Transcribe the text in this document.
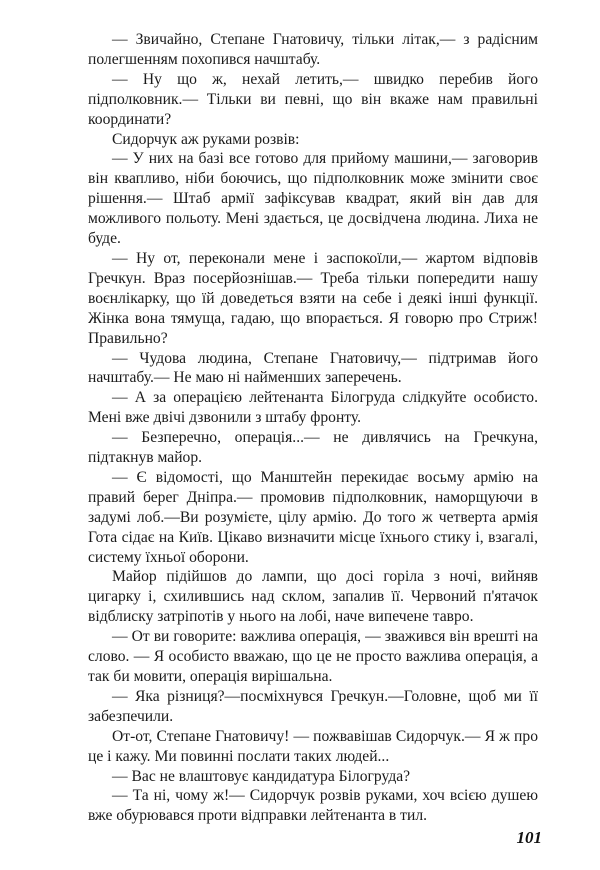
— Звичайно, Степане Гнатовичу, тільки літак,— з радісним полегшенням похопився начштабу.

— Ну що ж, нехай летить,— швидко перебив його підполковник.— Тільки ви певні, що він вкаже нам правильні координати?

Сидорчук аж руками розвів:

— У них на базі все готово для прийому машини,— заговорив він квапливо, ніби боючись, що підполковник може змінити своє рішення.— Штаб армії зафіксував квадрат, який він дав для можливого польоту. Мені здається, це досвідчена людина. Лиха не буде.

— Ну от, переконали мене і заспокоїли,— жартом відповів Гречкун. Враз посерйознішав.— Треба тільки попередити нашу воєнлікарку, що їй доведеться взяти на себе і деякі інші функції. Жінка вона тямуща, гадаю, що впорається. Я говорю про Стриж! Правильно?

— Чудова людина, Степане Гнатовичу,— підтримав його начштабу.— Не маю ні найменших заперечень.

— А за операцією лейтенанта Білогруда слідкуйте особисто. Мені вже двічі дзвонили з штабу фронту.

— Безперечно, операція...— не дивлячись на Гречкуна, підтакнув майор.

— Є відомості, що Манштейн перекидає восьму армію на правий берег Дніпра.— промовив підполковник, наморщуючи в задумі лоб.—Ви розумієте, цілу армію. До того ж четверта армія Гота сідає на Київ. Цікаво визначити місце їхнього стику і, взагалі, систему їхньої оборони.

Майор підійшов до лампи, що досі горіла з ночі, вийняв цигарку і, схилившись над склом, запалив її. Червоний п'ятачок відблиску затріпотів у нього на лобі, наче випечене тавро.

— От ви говорите: важлива операція, — зважився він врешті на слово. — Я особисто вважаю, що це не просто важлива операція, а так би мовити, операція вирішальна.

— Яка різниця?—посміхнувся Гречкун.—Головне, щоб ми її забезпечили.

От-от, Степане Гнатовичу! — пожвавішав Сидорчук.— Я ж про це і кажу. Ми повинні послати таких людей...

— Вас не влаштовує кандидатура Білогруда?

— Та ні, чому ж!— Сидорчук розвів руками, хоч всією душею вже обурювався проти відправки лейтенанта в тил.

101
